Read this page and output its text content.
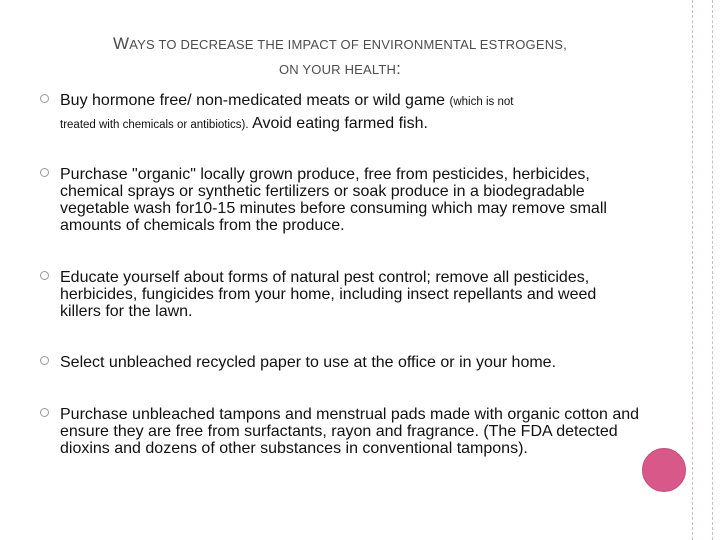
WAYS TO DECREASE THE IMPACT OF ENVIRONMENTAL ESTROGENS,
ON YOUR HEALTH:
Buy hormone free/ non-medicated meats or wild game (which is not
treated with chemicals or antibiotics). Avoid eating farmed fish.
Purchase "organic" locally grown produce, free from pesticides, herbicides, chemical sprays or synthetic fertilizers or soak produce in a biodegradable vegetable wash for10-15 minutes before consuming which may remove small amounts of chemicals from the produce.
Educate yourself about forms of natural pest control; remove all pesticides, herbicides, fungicides from your home, including insect repellants and weed killers for the lawn.
Select unbleached recycled paper to use at the office or in your home.
Purchase unbleached tampons and menstrual pads made with organic cotton and ensure they are free from surfactants, rayon and fragrance. (The FDA detected dioxins and dozens of other substances in conventional tampons).
